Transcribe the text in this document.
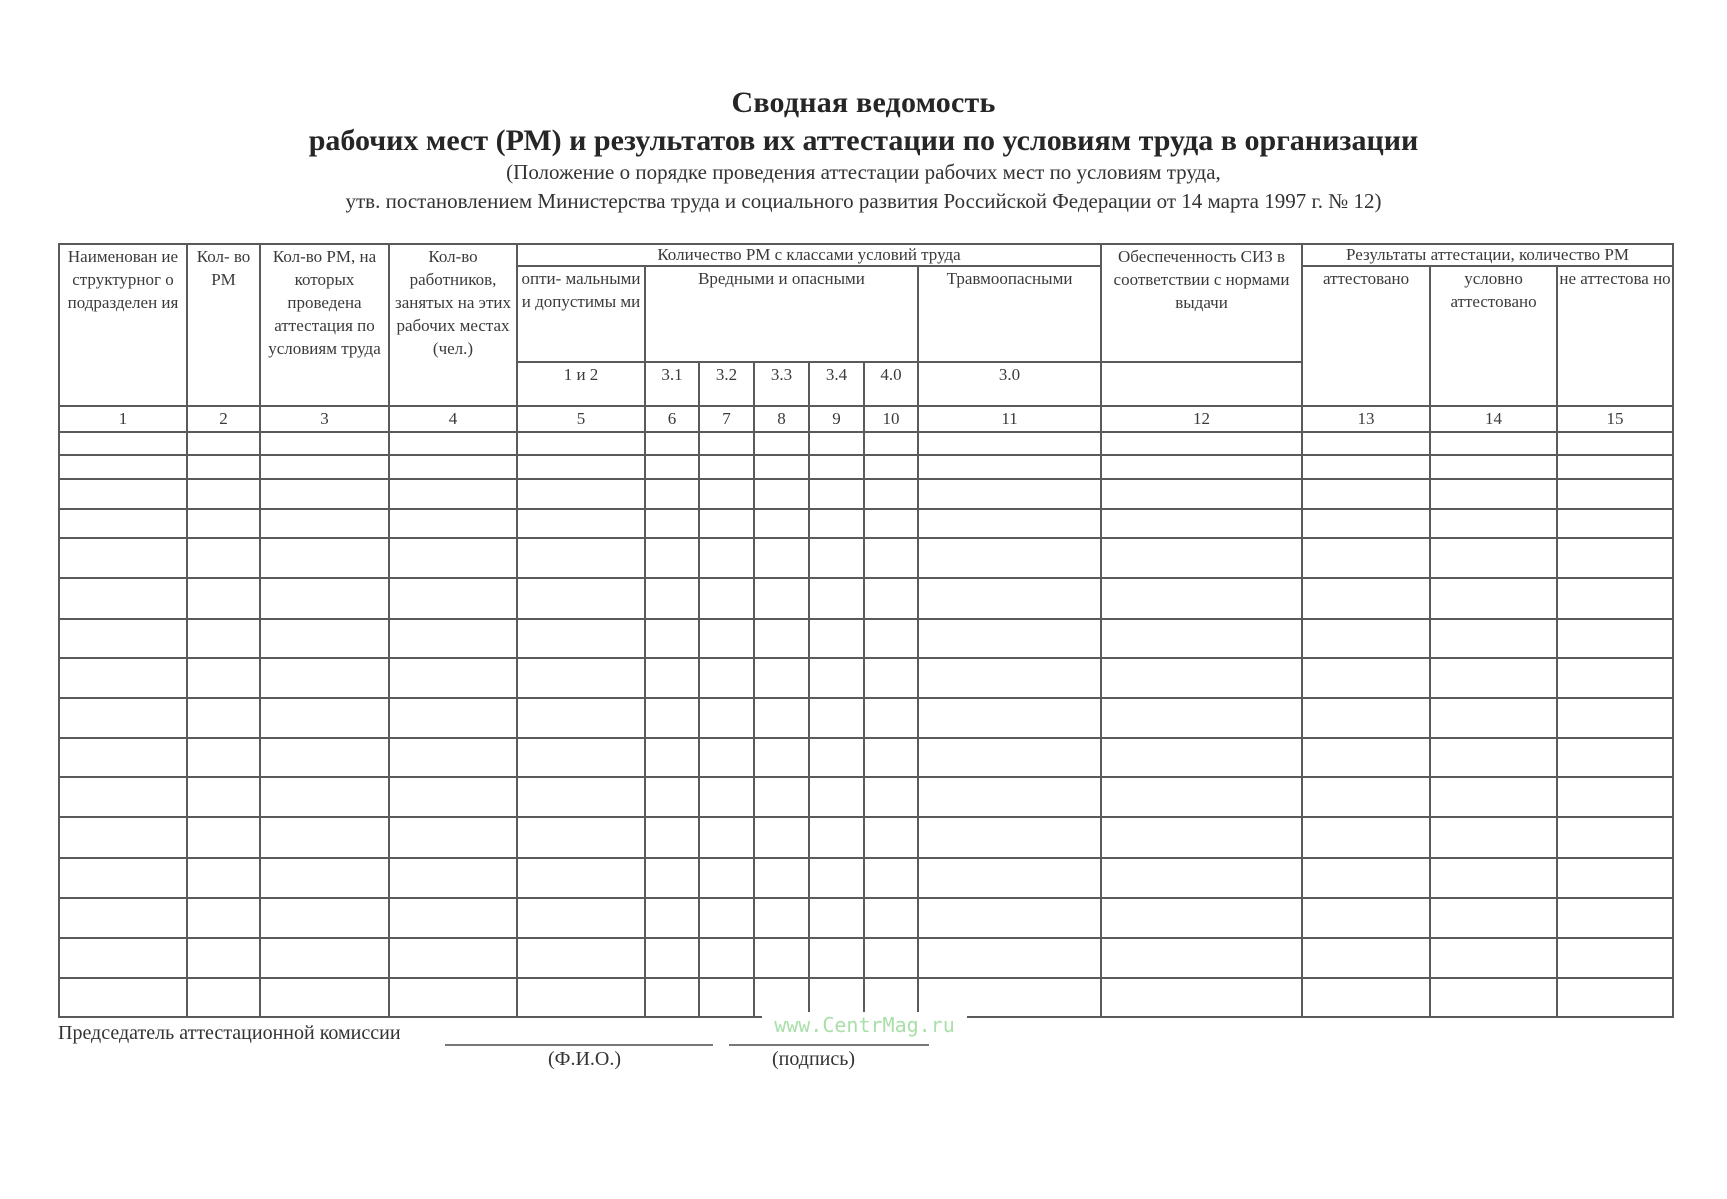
Сводная ведомость
рабочих мест (РМ) и результатов их аттестации по условиям труда в организации
(Положение о порядке проведения аттестации рабочих мест по условиям труда,
утв. постановлением Министерства труда и социального развития Российской Федерации от 14 марта 1997 г. № 12)
Наименован ие структурног о подразделен ия	Кол- во РМ	Кол-во РМ, на которых проведена аттестация по условиям труда	Кол-во работников, занятых на этих рабочих местах (чел.)	Количество РМ с классами условий труда							Обеспеченность СИЗ в соответствии с нормами выдачи	Результаты аттестации, количество РМ		
				опти- мальными и допустимы ми	Вредными и опасными					Травмоопасными		аттестовано	условно аттестовано	не аттестова но
				1 и 2	3.1	3.2	3.3	3.4	4.0	3.0				
1	2	3	4	5	6	7	8	9	10	11	12	13	14	15

Председатель аттестационной комиссии
(Ф.И.О.)	(подпись)
www.CentrMag.ru
